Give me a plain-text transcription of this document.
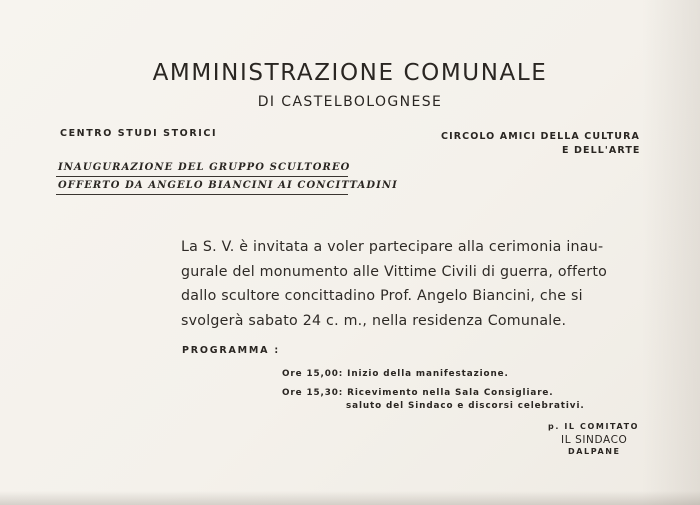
AMMINISTRAZIONE COMUNALE
DI CASTELBOLOGNESE
CENTRO STUDI STORICI	CIRCOLO AMICI DELLA CULTURA
E DELL'ARTE
INAUGURAZIONE DEL GRUPPO SCULTOREO
OFFERTO DA ANGELO BIANCINI AI CONCITTADINI
La S. V. è invitata a voler partecipare alla cerimonia inau-
gurale del monumento alle Vittime Civili di guerra, offerto
dallo scultore concittadino Prof. Angelo Biancini, che si
svolgerà sabato 24 c. m., nella residenza Comunale.
PROGRAMMA :
Ore 15,00: Inizio della manifestazione.
Ore 15,30: Ricevimento nella Sala Consigliare.
saluto del Sindaco e discorsi celebrativi.
p. IL COMITATO
IL SINDACO
DALPANE
